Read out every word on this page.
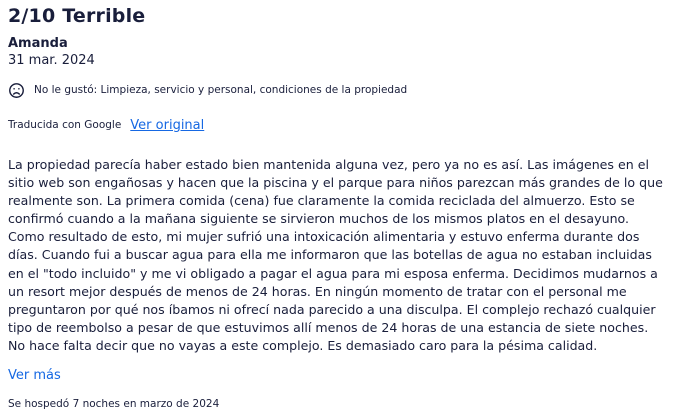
2/10 Terrible
Amanda
31 mar. 2024
No le gustó: Limpieza, servicio y personal, condiciones de la propiedad
Traducida con Google Ver original
La propiedad parecía haber estado bien mantenida alguna vez, pero ya no es así. Las imágenes en el
sitio web son engañosas y hacen que la piscina y el parque para niños parezcan más grandes de lo que
realmente son. La primera comida (cena) fue claramente la comida reciclada del almuerzo. Esto se
confirmó cuando a la mañana siguiente se sirvieron muchos de los mismos platos en el desayuno.
Como resultado de esto, mi mujer sufrió una intoxicación alimentaria y estuvo enferma durante dos
días. Cuando fui a buscar agua para ella me informaron que las botellas de agua no estaban incluidas
en el "todo incluido" y me vi obligado a pagar el agua para mi esposa enferma. Decidimos mudarnos a
un resort mejor después de menos de 24 horas. En ningún momento de tratar con el personal me
preguntaron por qué nos íbamos ni ofrecí nada parecido a una disculpa. El complejo rechazó cualquier
tipo de reembolso a pesar de que estuvimos allí menos de 24 horas de una estancia de siete noches.
No hace falta decir que no vayas a este complejo. Es demasiado caro para la pésima calidad.
Ver más
Se hospedó 7 noches en marzo de 2024
